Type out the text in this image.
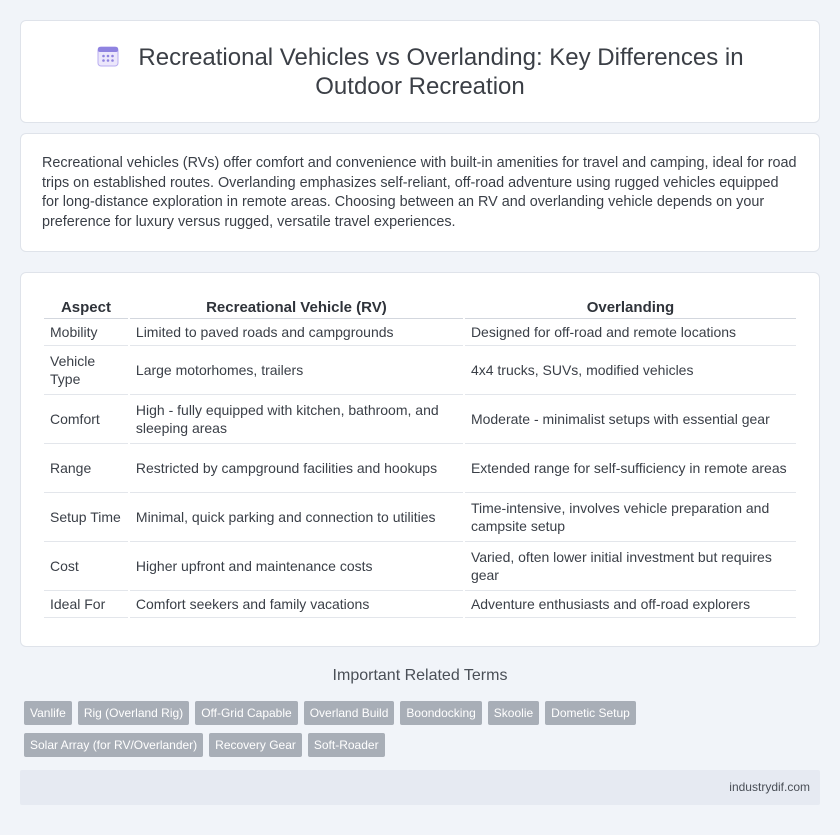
Recreational Vehicles vs Overlanding: Key Differences in Outdoor Recreation

Recreational vehicles (RVs) offer comfort and convenience with built-in amenities for travel and camping, ideal for road trips on established routes. Overlanding emphasizes self-reliant, off-road adventure using rugged vehicles equipped for long-distance exploration in remote areas. Choosing between an RV and overlanding vehicle depends on your preference for luxury versus rugged, versatile travel experiences.

Aspect	Recreational Vehicle (RV)	Overlanding
Mobility	Limited to paved roads and campgrounds	Designed for off-road and remote locations
Vehicle Type	Large motorhomes, trailers	4x4 trucks, SUVs, modified vehicles
Comfort	High - fully equipped with kitchen, bathroom, and sleeping areas	Moderate - minimalist setups with essential gear
Range	Restricted by campground facilities and hookups	Extended range for self-sufficiency in remote areas
Setup Time	Minimal, quick parking and connection to utilities	Time-intensive, involves vehicle preparation and campsite setup
Cost	Higher upfront and maintenance costs	Varied, often lower initial investment but requires gear
Ideal For	Comfort seekers and family vacations	Adventure enthusiasts and off-road explorers
Important Related Terms
Vanlife	Rig (Overland Rig)	Off-Grid Capable	Overland Build	Boondocking	Skoolie	Dometic Setup
Solar Array (for RV/Overlander)	Recovery Gear	Soft-Roader
industrydif.com
